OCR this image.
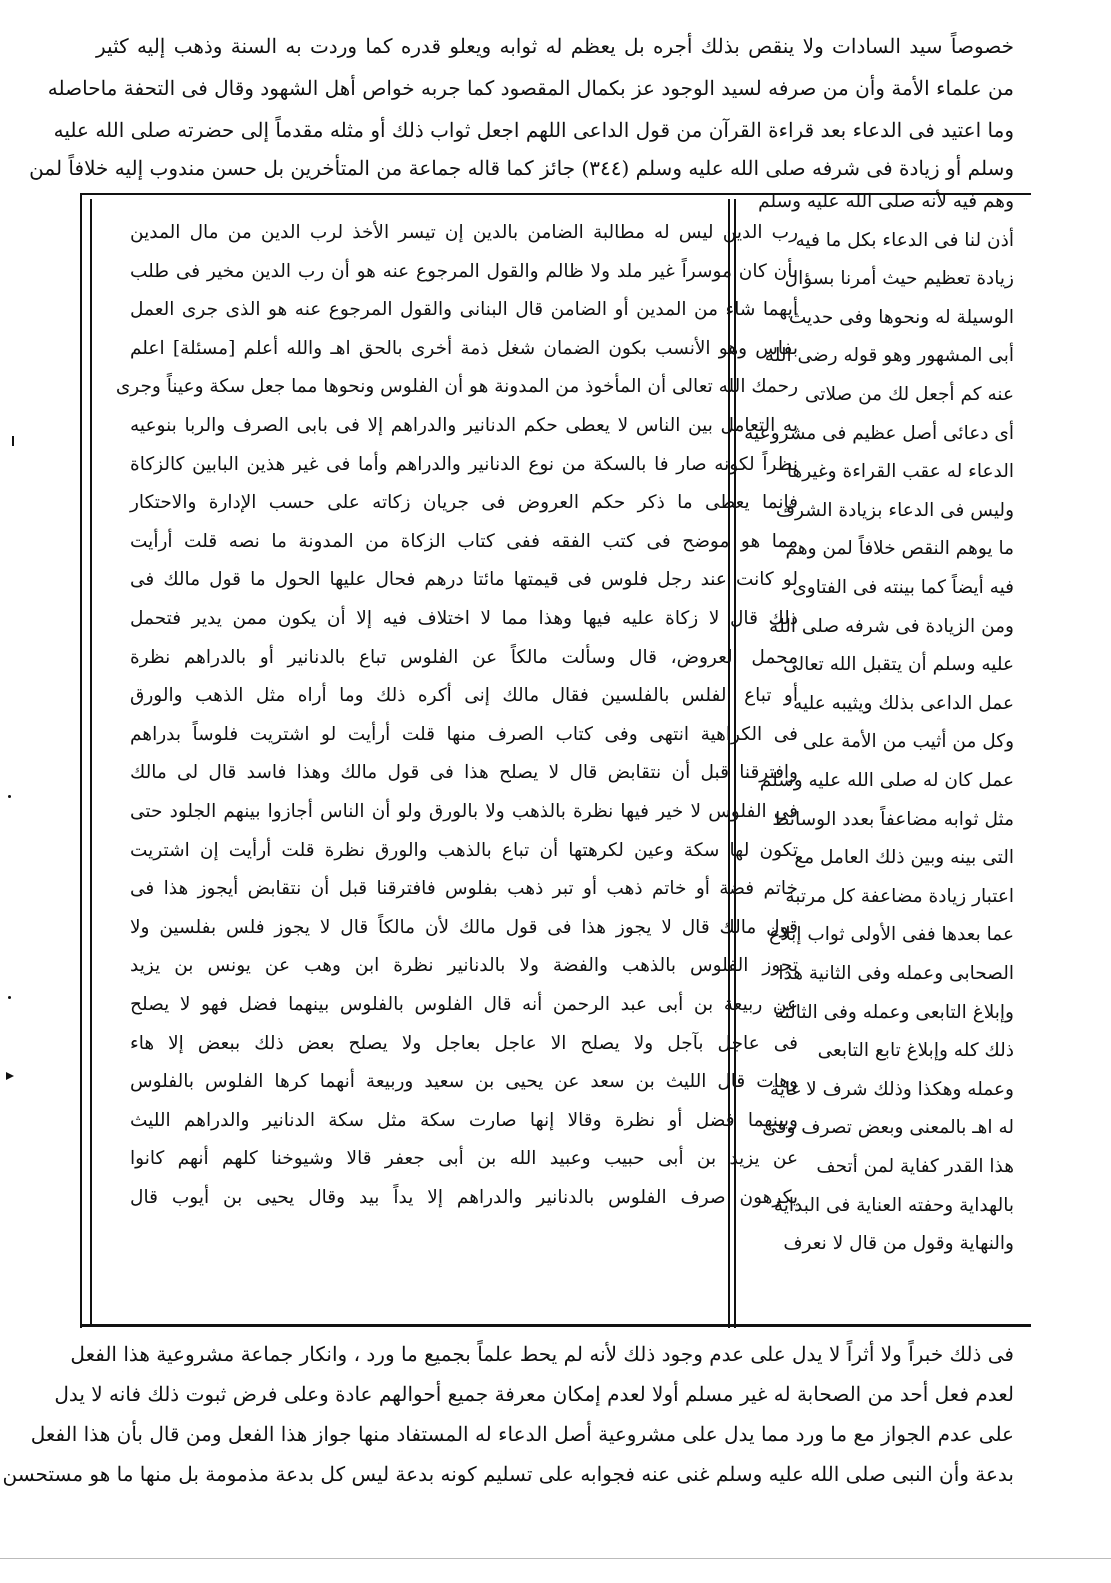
خصوصاً سيد السادات ولا ينقص بذلك أجره بل يعظم له ثوابه ويعلو قدره كما وردت به السنة وذهب إليه كثير
من علماء الأمة وأن من صرفه لسيد الوجود عز بكمال المقصود كما جربه خواص أهل الشهود وقال فى التحفة ماحاصله
وما اعتيد فى الدعاء بعد قراءة القرآن من قول الداعى اللهم اجعل ثواب ذلك أو مثله مقدماً إلى حضرته صلى الله عليه
وسلم أو زيادة فى شرفه صلى الله عليه وسلم (٣٤٤) جائز كما قاله جماعة من المتأخرين بل حسن مندوب إليه خلافاً لمن
رب الدين ليس له مطالبة الضامن بالدين إن تيسر الأخذ لرب الدين من مال المدين
بأن كان موسراً غير ملد ولا ظالم والقول المرجوع عنه هو أن رب الدين مخير فى طلب
أيهما شاء من المدين أو الضامن قال البنانى والقول المرجوع عنه هو الذى جرى العمل
بفاس وهو الأنسب بكون الضمان شغل ذمة أخرى بالحق اهـ والله أعلم [مسئلة] اعلم
رحمك الله تعالى أن المأخوذ من المدونة هو أن الفلوس ونحوها مما جعل سكة وعيناً وجرى
به التعامل بين الناس لا يعطى حكم الدنانير والدراهم إلا فى بابى الصرف والربا بنوعيه
نظراً لكونه صار فا بالسكة من نوع الدنانير والدراهم وأما فى غير هذين البابين كالزكاة
فإنما يعطى ما ذكر حكم العروض فى جريان زكاته على حسب الإدارة والاحتكار
مما هو موضح فى كتب الفقه ففى كتاب الزكاة من المدونة ما نصه قلت أرأيت
لو كانت عند رجل فلوس فى قيمتها مائتا درهم فحال عليها الحول ما قول مالك فى
ذلك قال لا زكاة عليه فيها وهذا مما لا اختلاف فيه إلا أن يكون ممن يدير فتحمل
محمل العروض، قال وسألت مالكاً عن الفلوس تباع بالدنانير أو بالدراهم نظرة
أو تباع الفلس بالفلسين فقال مالك إنى أكره ذلك وما أراه مثل الذهب والورق
فى الكراهية انتهى وفى كتاب الصرف منها قلت أرأيت لو اشتريت فلوساً بدراهم
وافترقنا قبل أن نتقابض قال لا يصلح هذا فى قول مالك وهذا فاسد قال لى مالك
فى الفلوس لا خير فيها نظرة بالذهب ولا بالورق ولو أن الناس أجازوا بينهم الجلود حتى
تكون لها سكة وعين لكرهتها أن تباع بالذهب والورق نظرة قلت أرأيت إن اشتريت
خاتم فضة أو خاتم ذهب أو تبر ذهب بفلوس فافترقنا قبل أن نتقابض أيجوز هذا فى
قول مالك قال لا يجوز هذا فى قول مالك لأن مالكاً قال لا يجوز فلس بفلسين ولا
تجوز الفلوس بالذهب والفضة ولا بالدنانير نظرة ابن وهب عن يونس بن يزيد
عن ربيعة بن أبى عبد الرحمن أنه قال الفلوس بالفلوس بينهما فضل فهو لا يصلح
فى عاجل بآجل ولا يصلح الا عاجل بعاجل ولا يصلح بعض ذلك ببعض إلا هاء
وهات قال الليث بن سعد عن يحيى بن سعيد وربيعة أنهما كرها الفلوس بالفلوس
وبينهما فضل أو نظرة وقالا إنها صارت سكة مثل سكة الدنانير والدراهم الليث
عن يزيد بن أبى حبيب وعبيد الله بن أبى جعفر قالا وشيوخنا كلهم أنهم كانوا
يكرهون صرف الفلوس بالدنانير والدراهم إلا يداً بيد وقال يحيى بن أيوب قال
وهم فيه لأنه صلى الله عليه وسلم
أذن لنا فى الدعاء بكل ما فيه
زيادة تعظيم حيث أمرنا بسؤال
الوسيلة له ونحوها وفى حديث
أبى المشهور وهو قوله رضى الله
عنه كم أجعل لك من صلاتى
أى دعائى أصل عظيم فى مشروعية
الدعاء له عقب القراءة وغيرها
وليس فى الدعاء بزيادة الشرف
ما يوهم النقص خلافاً لمن وهم
فيه أيضاً كما بينته فى الفتاوى
ومن الزيادة فى شرفه صلى الله
عليه وسلم أن يتقبل الله تعالى
عمل الداعى بذلك ويثيبه عليه
وكل من أثيب من الأمة على
عمل كان له صلى الله عليه وسلم
مثل ثوابه مضاعفاً بعدد الوسائط
التى بينه وبين ذلك العامل مع
اعتبار زيادة مضاعفة كل مرتبة
عما بعدها ففى الأولى ثواب إبلاغ
الصحابى وعمله وفى الثانية هذا
وإبلاغ التابعى وعمله وفى الثالثة
ذلك كله وإبلاغ تابع التابعى
وعمله وهكذا وذلك شرف لا غاية
له اهـ بالمعنى وبعض تصرف وفى
هذا القدر كفاية لمن أتحف
بالهداية وحفته العناية فى البداية
والنهاية وقول من قال لا نعرف
فى ذلك خبراً ولا أثراً لا يدل على عدم وجود ذلك لأنه لم يحط علماً بجميع ما ورد ، وانكار جماعة مشروعية هذا الفعل
لعدم فعل أحد من الصحابة له غير مسلم أولا لعدم إمكان معرفة جميع أحوالهم عادة وعلى فرض ثبوت ذلك فانه لا يدل
على عدم الجواز مع ما ورد مما يدل على مشروعية أصل الدعاء له المستفاد منها جواز هذا الفعل ومن قال بأن هذا الفعل
بدعة وأن النبى صلى الله عليه وسلم غنى عنه فجوابه على تسليم كونه بدعة ليس كل بدعة مذمومة بل منها ما هو مستحسن
